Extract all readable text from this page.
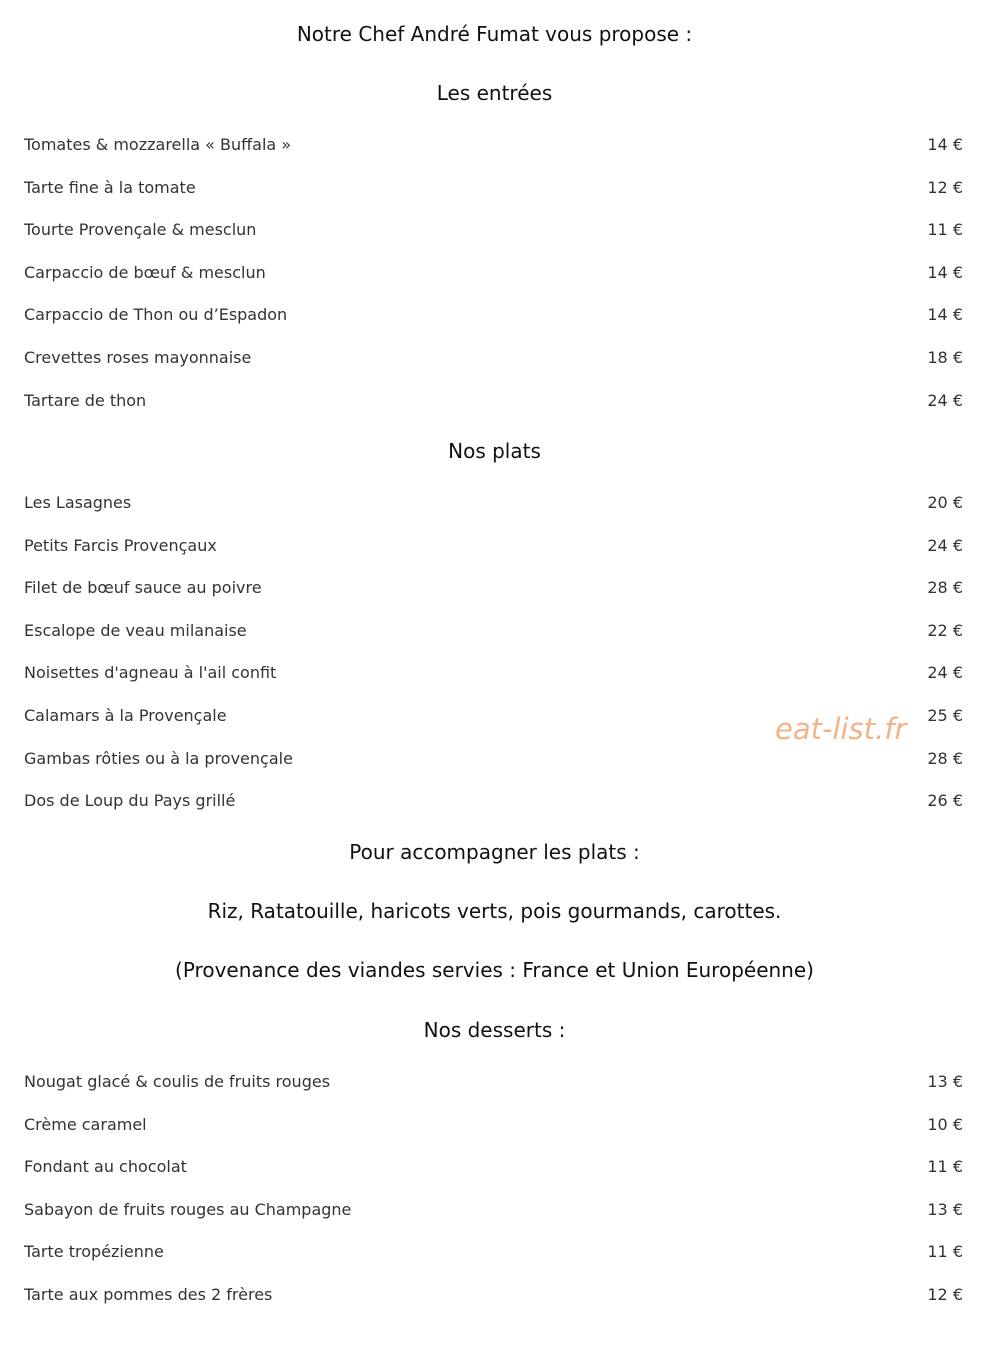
Notre Chef André Fumat vous propose :
Les entrées
Tomates & mozzarella « Buffala »	14 €
Tarte fine à la tomate	12 €
Tourte Provençale & mesclun	11 €
Carpaccio de bœuf & mesclun	14 €
Carpaccio de Thon ou d’Espadon	14 €
Crevettes roses mayonnaise	18 €
Tartare de thon	24 €
Nos plats
Les Lasagnes	20 €
Petits Farcis Provençaux	24 €
Filet de bœuf sauce au poivre	28 €
Escalope de veau milanaise	22 €
Noisettes d'agneau à l'ail confit	24 €
Calamars à la Provençale	25 €
Gambas rôties ou à la provençale	28 €
Dos de Loup du Pays grillé	26 €
eat-list.fr
Pour accompagner les plats :

Riz, Ratatouille, haricots verts, pois gourmands, carottes.

(Provenance des viandes servies : France et Union Européenne)

Nos desserts :
Nougat glacé & coulis de fruits rouges	13 €
Crème caramel	10 €
Fondant au chocolat	11 €
Sabayon de fruits rouges au Champagne	13 €
Tarte tropézienne	11 €
Tarte aux pommes des 2 frères	12 €
